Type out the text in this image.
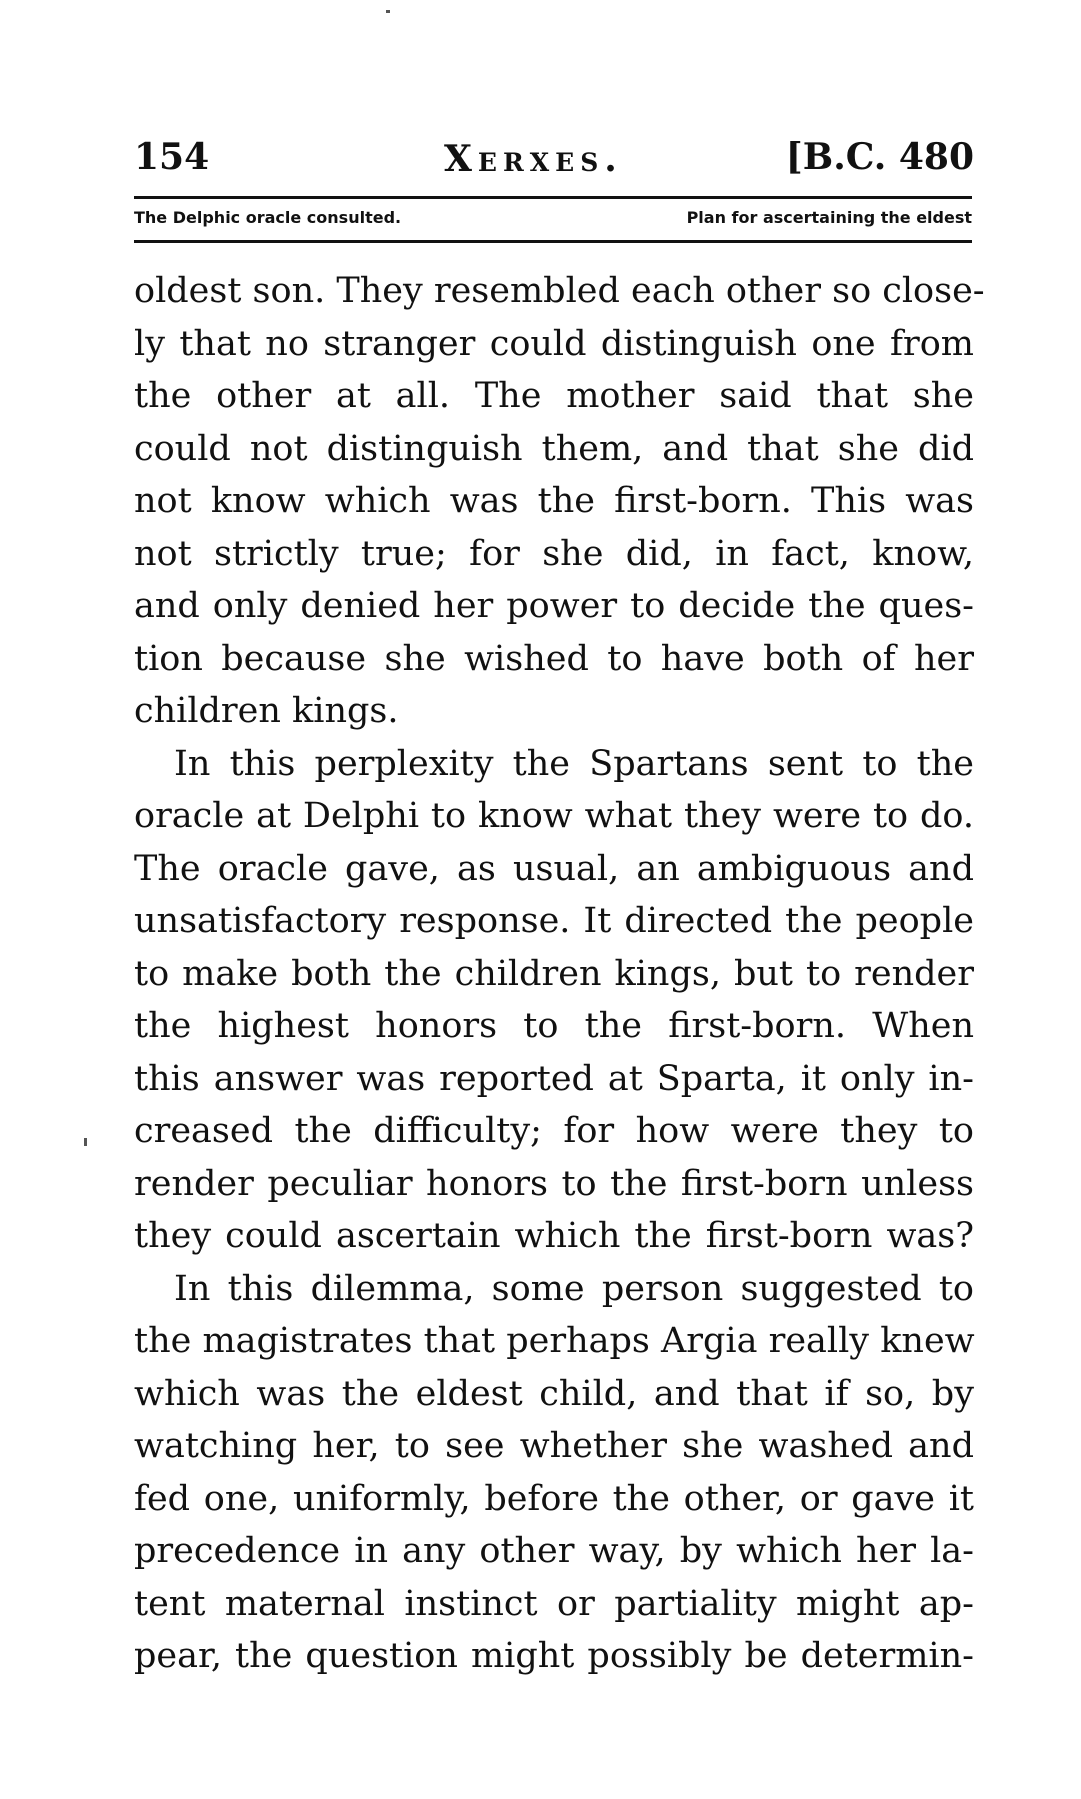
154	Xerxes.	[B.C. 480
The Delphic oracle consulted.	Plan for ascertaining the eldest
oldest son. They resembled each other so close-
ly that no stranger could distinguish one from
the other at all. The mother said that she
could not distinguish them, and that she did
not know which was the first-born. This was
not strictly true; for she did, in fact, know,
and only denied her power to decide the ques-
tion because she wished to have both of her
children kings.
In this perplexity the Spartans sent to the
oracle at Delphi to know what they were to do.
The oracle gave, as usual, an ambiguous and
unsatisfactory response. It directed the people
to make both the children kings, but to render
the highest honors to the first-born. When
this answer was reported at Sparta, it only in-
creased the difficulty; for how were they to
render peculiar honors to the first-born unless
they could ascertain which the first-born was?
In this dilemma, some person suggested to
the magistrates that perhaps Argia really knew
which was the eldest child, and that if so, by
watching her, to see whether she washed and
fed one, uniformly, before the other, or gave it
precedence in any other way, by which her la-
tent maternal instinct or partiality might ap-
pear, the question might possibly be determin-
